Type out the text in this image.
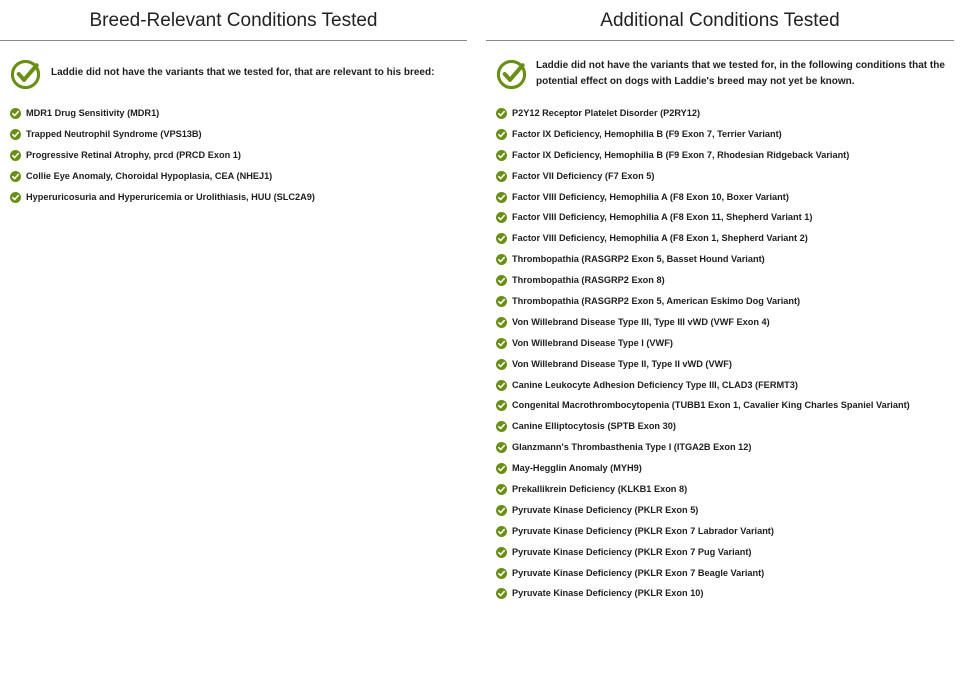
Breed-Relevant Conditions Tested

Laddie did not have the variants that we tested for, that are relevant to his breed:

MDR1 Drug Sensitivity (MDR1)
Trapped Neutrophil Syndrome (VPS13B)
Progressive Retinal Atrophy, prcd (PRCD Exon 1)
Collie Eye Anomaly, Choroidal Hypoplasia, CEA (NHEJ1)
Hyperuricosuria and Hyperuricemia or Urolithiasis, HUU (SLC2A9)
Additional Conditions Tested

Laddie did not have the variants that we tested for, in the following conditions that the potential effect on dogs with Laddie's breed may not yet be known.

P2Y12 Receptor Platelet Disorder (P2RY12)
Factor IX Deficiency, Hemophilia B (F9 Exon 7, Terrier Variant)
Factor IX Deficiency, Hemophilia B (F9 Exon 7, Rhodesian Ridgeback Variant)
Factor VII Deficiency (F7 Exon 5)
Factor VIII Deficiency, Hemophilia A (F8 Exon 10, Boxer Variant)
Factor VIII Deficiency, Hemophilia A (F8 Exon 11, Shepherd Variant 1)
Factor VIII Deficiency, Hemophilia A (F8 Exon 1, Shepherd Variant 2)
Thrombopathia (RASGRP2 Exon 5, Basset Hound Variant)
Thrombopathia (RASGRP2 Exon 8)
Thrombopathia (RASGRP2 Exon 5, American Eskimo Dog Variant)
Von Willebrand Disease Type III, Type III vWD (VWF Exon 4)
Von Willebrand Disease Type I (VWF)
Von Willebrand Disease Type II, Type II vWD (VWF)
Canine Leukocyte Adhesion Deficiency Type III, CLAD3 (FERMT3)
Congenital Macrothrombocytopenia (TUBB1 Exon 1, Cavalier King Charles Spaniel Variant)
Canine Elliptocytosis (SPTB Exon 30)
Glanzmann's Thrombasthenia Type I (ITGA2B Exon 12)
May-Hegglin Anomaly (MYH9)
Prekallikrein Deficiency (KLKB1 Exon 8)
Pyruvate Kinase Deficiency (PKLR Exon 5)
Pyruvate Kinase Deficiency (PKLR Exon 7 Labrador Variant)
Pyruvate Kinase Deficiency (PKLR Exon 7 Pug Variant)
Pyruvate Kinase Deficiency (PKLR Exon 7 Beagle Variant)
Pyruvate Kinase Deficiency (PKLR Exon 10)
